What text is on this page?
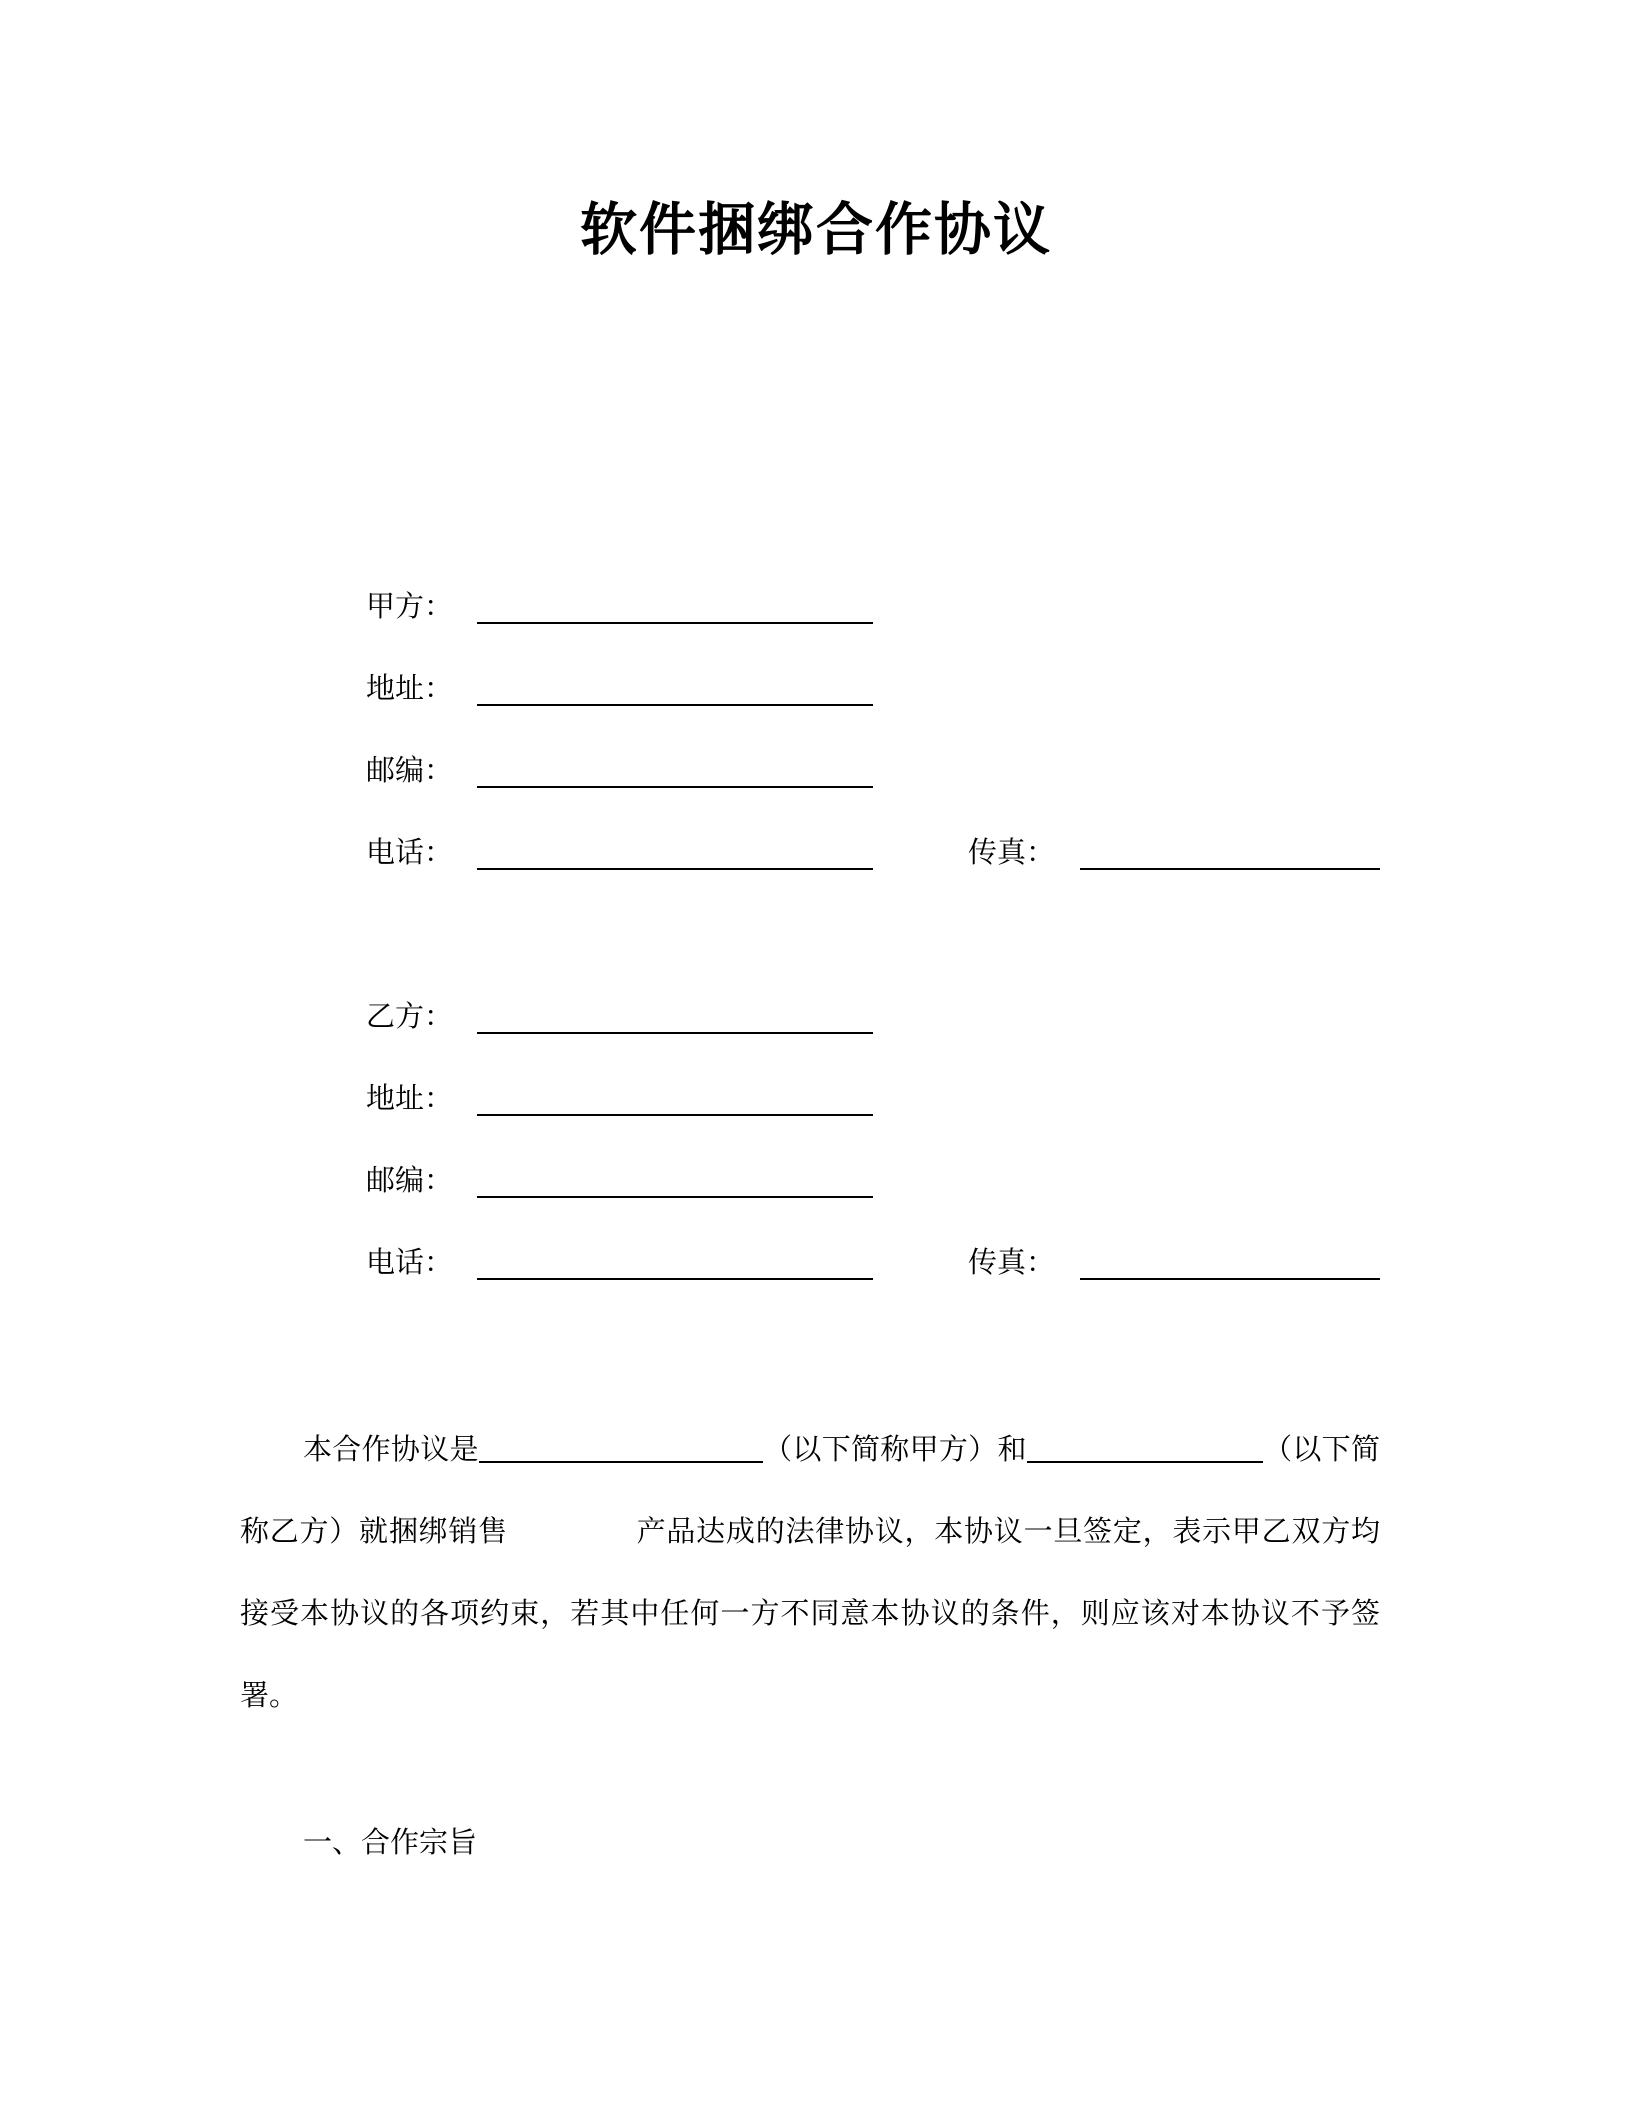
软件捆绑合作协议
甲方：
地址：
邮编：
电话：	传真：
乙方：
地址：
邮编：
电话：	传真：

本合作协议是	（以下简称甲方）和	（以下简称乙方）就捆绑销售	产品达成的法律协议，本协议一旦签定，表示甲乙双方均接受本协议的各项约束，若其中任何一方不同意本协议的条件，则应该对本协议不予签署。

一、合作宗旨
